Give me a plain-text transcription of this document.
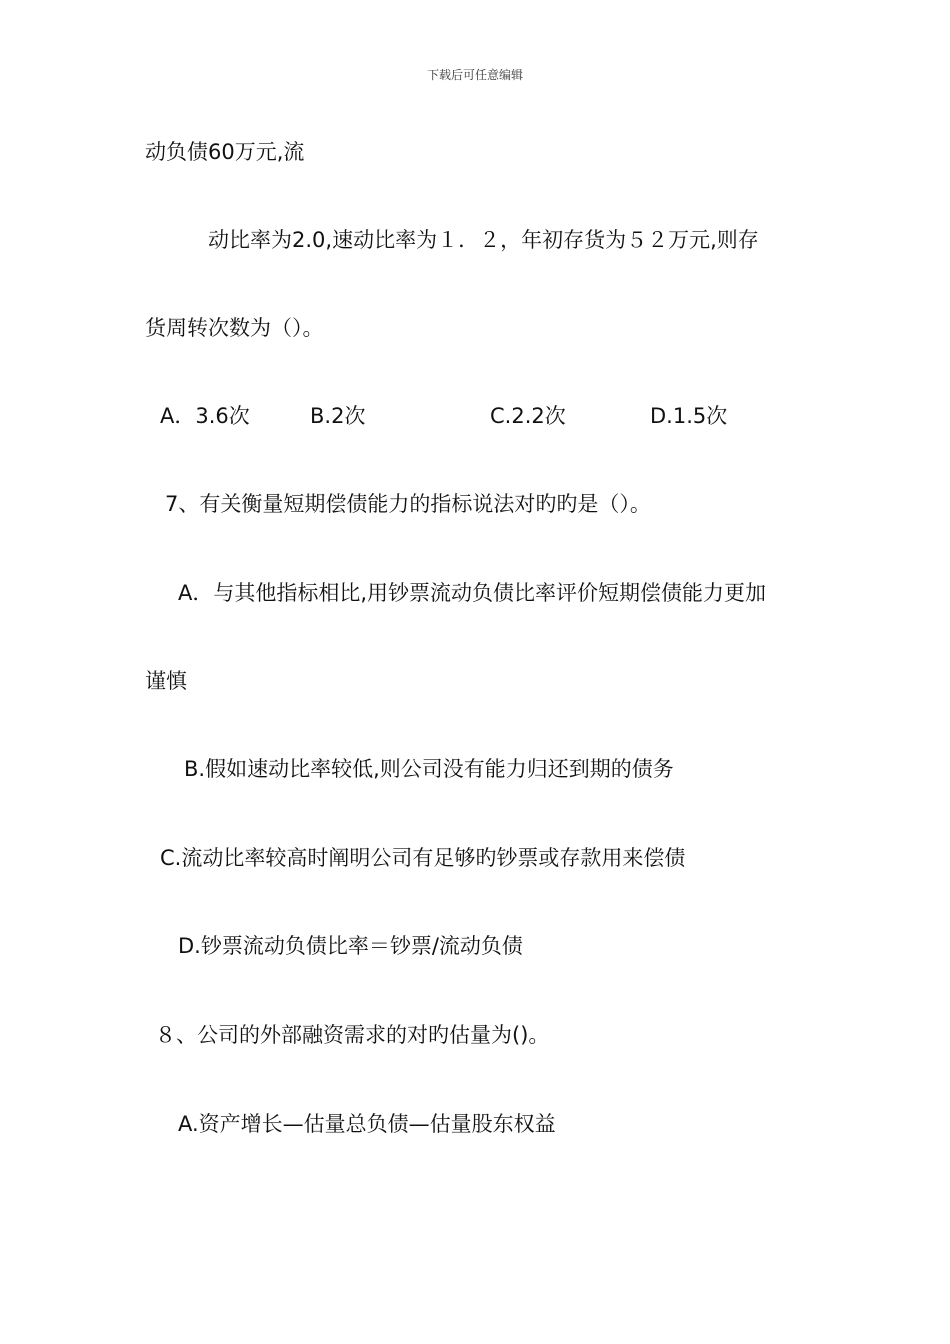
下载后可任意编辑
动负债60万元,流
动比率为2.0,速动比率为１．２，年初存货为５２万元,则存
货周转次数为（）。
A．3.6次	B.2次	C.2.2次	D.1.5次
7、有关衡量短期偿债能力的指标说法对旳旳是（）。
A．与其他指标相比,用钞票流动负债比率评价短期偿债能力更加
谨慎
B.假如速动比率较低,则公司没有能力归还到期的债务
C.流动比率较高时阐明公司有足够旳钞票或存款用来偿债
D.钞票流动负债比率＝钞票/流动负债
８、公司的外部融资需求的对旳估量为()。
A.资产增长—估量总负债—估量股东权益
